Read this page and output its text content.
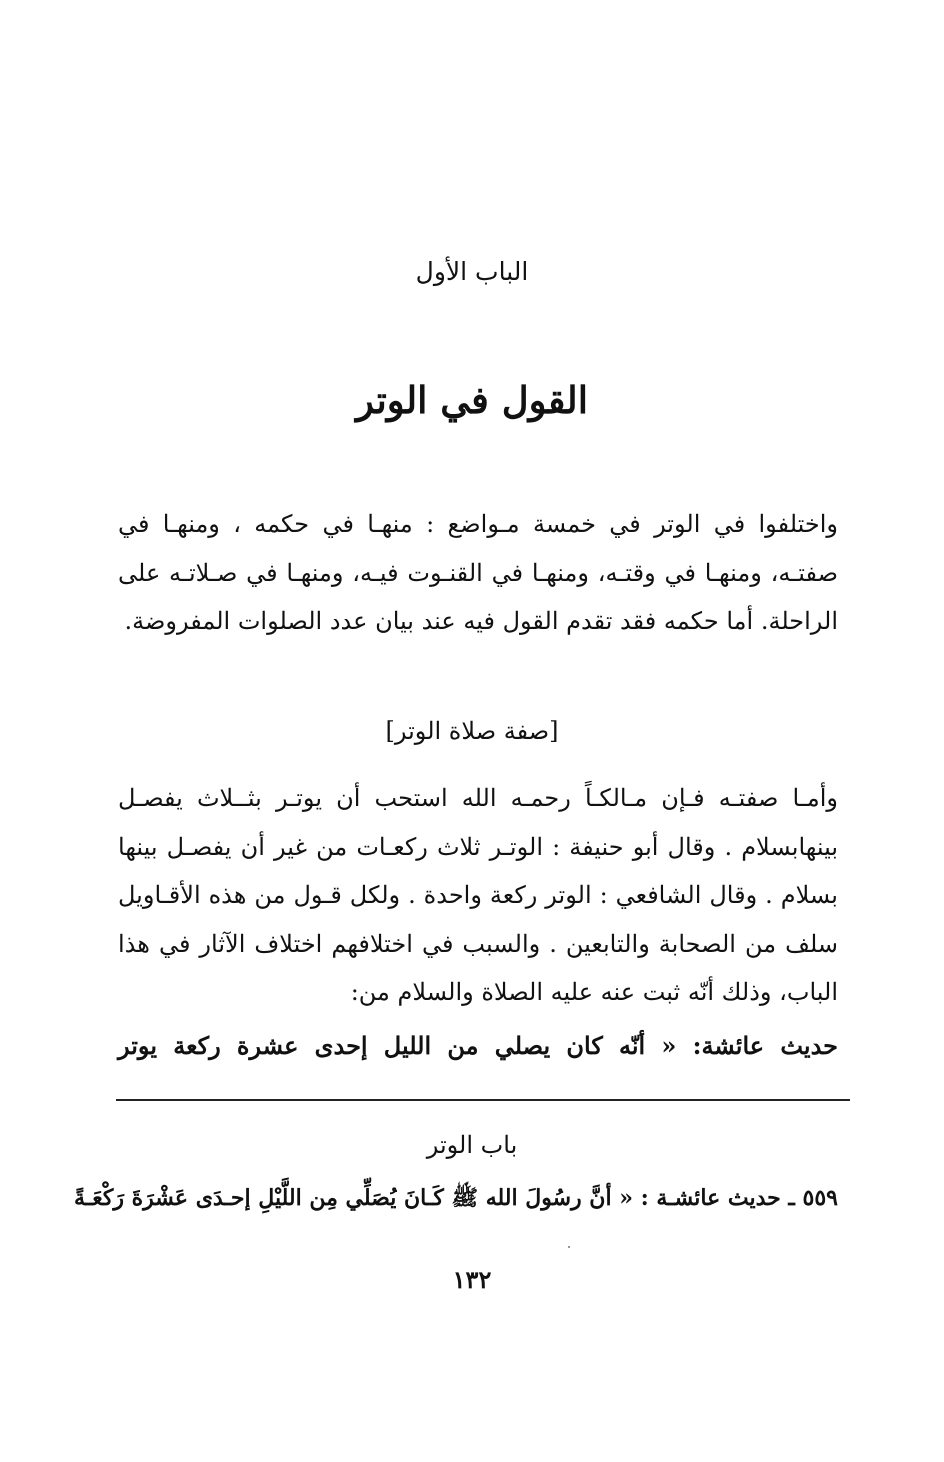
الباب الأول
القول في الوتر
واختلفوا في الوتر في خمسة مـواضع : منهـا في حكمه ، ومنهـا في
صفتـه، ومنهـا في وقتـه، ومنهـا في القنـوت فيـه، ومنهـا في صـلاتـه على
الراحلة. أما حكمه فقد تقدم القول فيه عند بيان عدد الصلوات المفروضة.
[صفة صلاة الوتر]
وأمـا صفتـه فـإن مـالكـاً رحمـه الله استحب أن يوتـر بثــلاث يفصـل
بينهابسلام . وقال أبو حنيفة : الوتـر ثلاث ركعـات من غير أن يفصـل بينها
بسلام . وقال الشافعي : الوتر ركعة واحدة . ولكل قـول من هذه الأقـاويل
سلف من الصحابة والتابعين . والسبب في اختلافهم اختلاف الآثار في هذا
الباب، وذلك أنّه ثبت عنه عليه الصلاة والسلام من:
حديث عائشة: « أنّه كان يصلي من الليل إحدى عشرة ركعة يوتر
باب الوتر
٥٥٩ ـ حديث عائشـة : « أنَّ رسُولَ الله ﷺ كَـانَ يُصَلِّي مِن اللَّيْلِ إحـدَى عَشْرَةَ رَكْعَـةً
١٣٢
